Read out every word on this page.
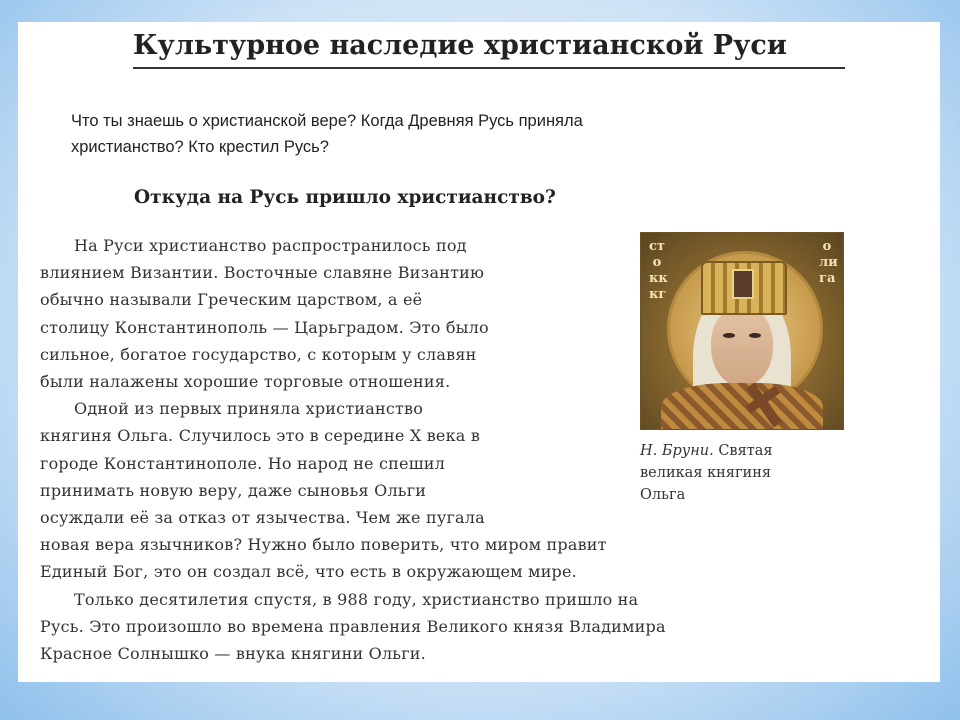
Культурное наследие христианской Руси
Что ты знаешь о христианской вере? Когда Древняя Русь приняла
христианство? Кто крестил Русь?
Откуда на Русь пришло христианство?
На Руси христианство распространилось под
влиянием Византии. Восточные славяне Византию
обычно называли Греческим царством, а её
столицу Константинополь — Царьградом. Это было
сильное, богатое государство, с которым у славян
были налажены хорошие торговые отношения.
Одной из первых приняла христианство
княгиня Ольга. Случилось это в середине X века в
городе Константинополе. Но народ не спешил
принимать новую веру, даже сыновья Ольги
осуждали её за отказ от язычества. Чем же пугала
новая вера язычников? Нужно было поверить, что миром правит
Единый Бог, это он создал всё, что есть в окружающем мире.
Только десятилетия спустя, в 988 году, христианство пришло на
Русь. Это произошло во времена правления Великого князя Владимира
Красное Солнышко — внука княгини Ольги.
ст о кк кг
о ли га
Н. Бруни. Святая
великая княгиня
Ольга
